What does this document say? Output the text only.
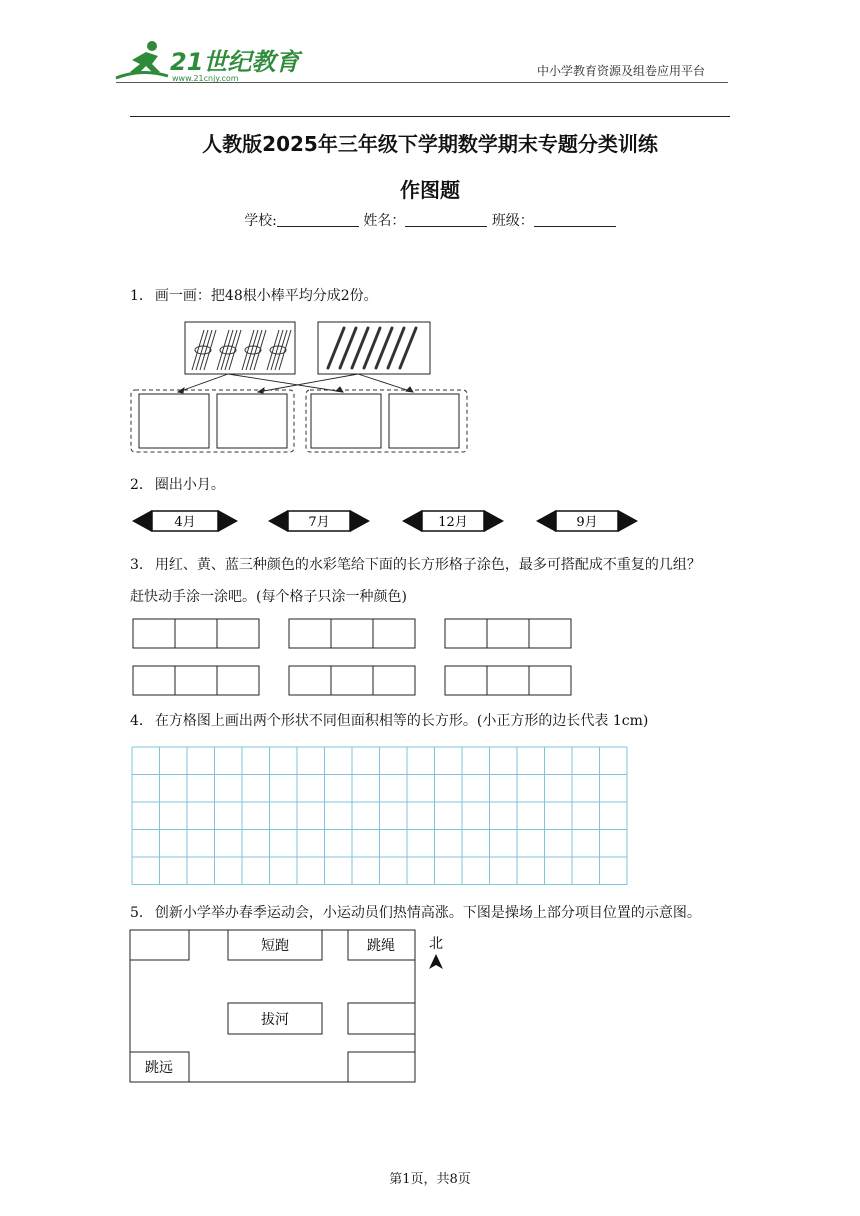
21世纪教育
www.21cnjy.com
中小学教育资源及组卷应用平台
人教版2025年三年级下学期数学期末专题分类训练
作图题
学校:	姓名：	班级：
1． 画一画：把48根小棒平均分成2份。
2． 圈出小月。
4月	7月	12月	9月
3． 用红、黄、蓝三种颜色的水彩笔给下面的长方形格子涂色，最多可搭配成不重复的几组？
赶快动手涂一涂吧。(每个格子只涂一种颜色)
4． 在方格图上画出两个形状不同但面积相等的长方形。(小正方形的边长代表 1cm)
5． 创新小学举办春季运动会，小运动员们热情高涨。下图是操场上部分项目位置的示意图。
短跑	跳绳
拔河
跳远
北
第1页，共8页
